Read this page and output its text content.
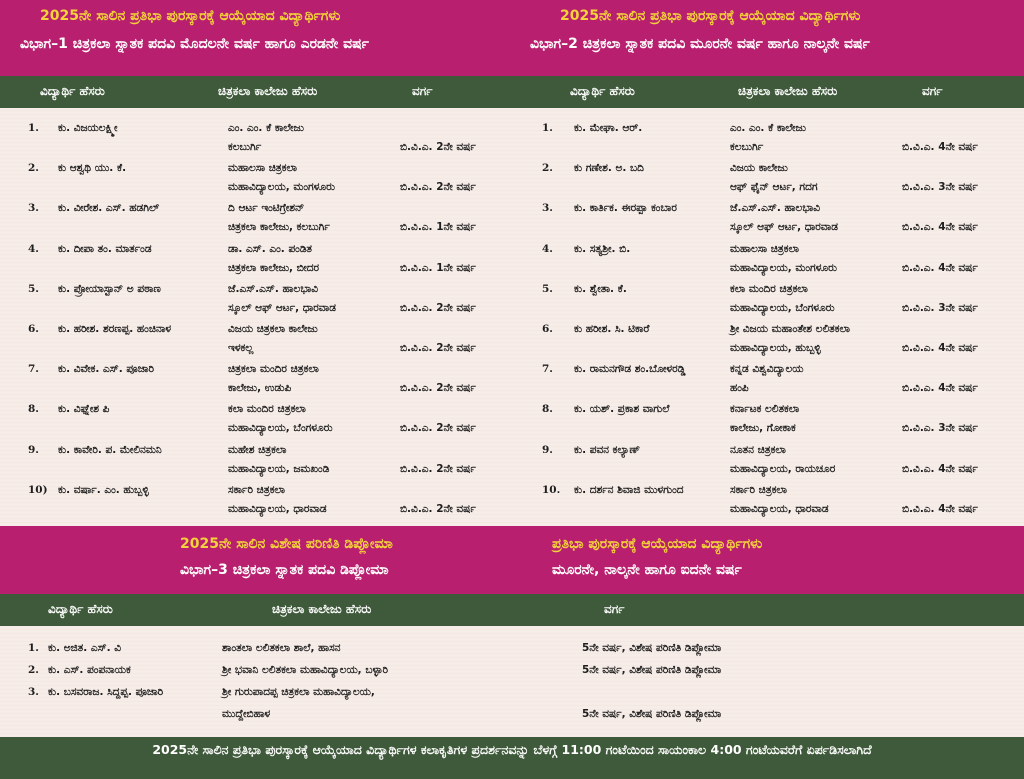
2025ನೇ ಸಾಲಿನ ಪ್ರತಿಭಾ ಪುರಸ್ಕಾರಕ್ಕೆ ಆಯ್ಕೆಯಾದ ವಿದ್ಯಾರ್ಥಿಗಳು
ವಿಭಾಗ–1 ಚಿತ್ರಕಲಾ ಸ್ನಾತಕ ಪದವಿ ಮೊದಲನೇ ವರ್ಷ ಹಾಗೂ ಎರಡನೇ ವರ್ಷ
2025ನೇ ಸಾಲಿನ ಪ್ರತಿಭಾ ಪುರಸ್ಕಾರಕ್ಕೆ ಆಯ್ಕೆಯಾದ ವಿದ್ಯಾರ್ಥಿಗಳು
ವಿಭಾಗ–2 ಚಿತ್ರಕಲಾ ಸ್ನಾತಕ ಪದವಿ ಮೂರನೇ ವರ್ಷ ಹಾಗೂ ನಾಲ್ಕನೇ ವರ್ಷ
ವಿದ್ಯಾರ್ಥಿ ಹೆಸರು	ಚಿತ್ರಕಲಾ ಕಾಲೇಜು ಹೆಸರು	ವರ್ಗ	ವಿದ್ಯಾರ್ಥಿ ಹೆಸರು	ಚಿತ್ರಕಲಾ ಕಾಲೇಜು ಹೆಸರು	ವರ್ಗ
1. ಕು. ವಿಜಯಲಕ್ಷ್ಮೀ	ಎಂ. ಎಂ. ಕೆ ಕಾಲೇಜು
ಕಲಬುರ್ಗಿ	ಬಿ.ವಿ.ಎ. 2ನೇ ವರ್ಷ
2. ಕು ಆಶ್ವಥಿ ಯು. ಕೆ.	ಮಹಾಲಸಾ ಚಿತ್ರಕಲಾ
ಮಹಾವಿದ್ಯಾಲಯ, ಮಂಗಳೂರು	ಬಿ.ವಿ.ಎ. 2ನೇ ವರ್ಷ
3. ಕು. ವೀರೇಶ. ಎಸ್. ಹಡಗಿಲ್	ದಿ ಆರ್ಟ ಇಂಟಿಗ್ರೇಶನ್
ಚಿತ್ರಕಲಾ ಕಾಲೇಜು, ಕಲಬುರ್ಗಿ	ಬಿ.ವಿ.ಎ. 1ನೇ ವರ್ಷ
4. ಕು. ದೀಪಾ ತಂ. ಮಾರ್ತಂಡ	ಡಾ. ಎಸ್. ಎಂ. ಪಂಡಿತ
ಚಿತ್ರಕಲಾ ಕಾಲೇಜು, ಬೀದರ	ಬಿ.ವಿ.ಎ. 1ನೇ ವರ್ಷ
5. ಕು. ಪ್ರೋಯಾಸ್ಟಾನ್ ಅ ಪಠಾಣ	ಜೆ.ಎಸ್.ಎಸ್. ಹಾಲಭಾವಿ
ಸ್ಕೂಲ್ ಆಫ್ ಆರ್ಟ, ಧಾರವಾಡ	ಬಿ.ವಿ.ಎ. 2ನೇ ವರ್ಷ
6. ಕು. ಹರೀಶ. ಶರಣಪ್ಪ. ಹಂಚಿನಾಳ	ವಿಜಯ ಚಿತ್ರಕಲಾ ಕಾಲೇಜು
ಇಳಕಲ್ಲ	ಬಿ.ವಿ.ಎ. 2ನೇ ವರ್ಷ
7. ಕು. ವಿವೇಕ. ಎಸ್. ಪೂಜಾರಿ	ಚಿತ್ರಕಲಾ ಮಂದಿರ ಚಿತ್ರಕಲಾ
ಕಾಲೇಜು, ಉಡುಪಿ	ಬಿ.ವಿ.ಎ. 2ನೇ ವರ್ಷ
8. ಕು. ವಿಘ್ನೇಶ ಪಿ	ಕಲಾ ಮಂದಿರ ಚಿತ್ರಕಲಾ
ಮಹಾವಿದ್ಯಾಲಯ, ಬೆಂಗಳೂರು	ಬಿ.ವಿ.ಎ. 2ನೇ ವರ್ಷ
9. ಕು. ಕಾವೇರಿ. ಪ. ಮೇಲಿನಮನಿ	ಮಹೇಶ ಚಿತ್ರಕಲಾ
ಮಹಾವಿದ್ಯಾಲಯ, ಜಮಖಂಡಿ	ಬಿ.ವಿ.ಎ. 2ನೇ ವರ್ಷ
10) ಕು. ವರ್ಷಾ. ಎಂ. ಹುಬ್ಬಳ್ಳಿ	ಸರ್ಕಾರಿ ಚಿತ್ರಕಲಾ
ಮಹಾವಿದ್ಯಾಲಯ, ಧಾರವಾಡ	ಬಿ.ವಿ.ಎ. 2ನೇ ವರ್ಷ
1. ಕು. ಮೇಘಾ. ಆರ್.	ಎಂ. ಎಂ. ಕೆ ಕಾಲೇಜು
ಕಲಬುರ್ಗಿ	ಬಿ.ವಿ.ಎ. 4ನೇ ವರ್ಷ
2. ಕು ಗಣೇಶ. ಅ. ಬದಿ	ವಿಜಯ ಕಾಲೇಜು
ಆಫ್ ಫೈನ್ ಆರ್ಟ, ಗದಗ	ಬಿ.ವಿ.ಎ. 3ನೇ ವರ್ಷ
3. ಕು. ಕಾರ್ತಿಕ. ಈರಪ್ಪಾ ಕಂಬಾರ	ಜೆ.ಎಸ್.ಎಸ್. ಹಾಲಭಾವಿ
ಸ್ಕೂಲ್ ಆಫ್ ಆರ್ಟ, ಧಾರವಾಡ	ಬಿ.ವಿ.ಎ. 4ನೇ ವರ್ಷ
4. ಕು. ಸತ್ಯಶ್ರೀ. ಬಿ.	ಮಹಾಲಸಾ ಚಿತ್ರಕಲಾ
ಮಹಾವಿದ್ಯಾಲಯ, ಮಂಗಳೂರು	ಬಿ.ವಿ.ಎ. 4ನೇ ವರ್ಷ
5. ಕು. ಶ್ವೇತಾ. ಕೆ.	ಕಲಾ ಮಂದಿರ ಚಿತ್ರಕಲಾ
ಮಹಾವಿದ್ಯಾಲಯ, ಬೆಂಗಳೂರು	ಬಿ.ವಿ.ಎ. 3ನೇ ವರ್ಷ
6. ಕು ಹರೀಶ. ಸಿ. ಟಿಕಾರೆ	ಶ್ರೀ ವಿಜಯ ಮಹಾಂತೇಶ ಲಲಿತಕಲಾ
ಮಹಾವಿದ್ಯಾಲಯ, ಹುಬ್ಬಳ್ಳಿ	ಬಿ.ವಿ.ಎ. 4ನೇ ವರ್ಷ
7. ಕು. ರಾಮನಗೌಡ ಶಂ.ಬೋಳರಡ್ಡಿ	ಕನ್ನಡ ವಿಶ್ವವಿದ್ಯಾಲಯ
ಹಂಪಿ	ಬಿ.ವಿ.ಎ. 4ನೇ ವರ್ಷ
8. ಕು. ಯಶ್. ಪ್ರಕಾಶ ವಾಗುಲೆ	ಕರ್ನಾಟಕ ಲಲಿತಕಲಾ
ಕಾಲೇಜು, ಗೋಕಾಕ	ಬಿ.ವಿ.ಎ. 3ನೇ ವರ್ಷ
9. ಕು. ಪವನ ಕಲ್ಯಾಣ್	ನೂತನ ಚಿತ್ರಕಲಾ
ಮಹಾವಿದ್ಯಾಲಯ, ರಾಯಚೂರ	ಬಿ.ವಿ.ಎ. 4ನೇ ವರ್ಷ
10. ಕು. ದರ್ಶನ ಶಿವಾಜಿ ಮುಳಗುಂದ	ಸರ್ಕಾರಿ ಚಿತ್ರಕಲಾ
ಮಹಾವಿದ್ಯಾಲಯ, ಧಾರವಾಡ	ಬಿ.ವಿ.ಎ. 4ನೇ ವರ್ಷ
2025ನೇ ಸಾಲಿನ ವಿಶೇಷ ಪರಿಣಿತಿ ಡಿಪ್ಲೋಮಾ	ಪ್ರತಿಭಾ ಪುರಸ್ಕಾರಕ್ಕೆ ಆಯ್ಕೆಯಾದ ವಿದ್ಯಾರ್ಥಿಗಳು
ವಿಭಾಗ–3 ಚಿತ್ರಕಲಾ ಸ್ನಾತಕ ಪದವಿ ಡಿಪ್ಲೋಮಾ	ಮೂರನೇ, ನಾಲ್ಕನೇ ಹಾಗೂ ಐದನೇ ವರ್ಷ
ವಿದ್ಯಾರ್ಥಿ ಹೆಸರು	ಚಿತ್ರಕಲಾ ಕಾಲೇಜು ಹೆಸರು	ವರ್ಗ
1. ಕು. ಅಜಿತ. ಎಸ್. ವಿ	ಶಾಂತಲಾ ಲಲಿತಕಲಾ ಶಾಲೆ, ಹಾಸನ	5ನೇ ವರ್ಷ, ವಿಶೇಷ ಪರಿಣಿತಿ ಡಿಪ್ಲೋಮಾ
2. ಕು. ಎಸ್. ಪಂಪನಾಯಕ	ಶ್ರೀ ಭವಾನಿ ಲಲಿತಕಲಾ ಮಹಾವಿದ್ಯಾಲಯ, ಬಳ್ಳಾರಿ	5ನೇ ವರ್ಷ, ವಿಶೇಷ ಪರಿಣಿತಿ ಡಿಪ್ಲೋಮಾ
3. ಕು. ಬಸವರಾಜ. ಸಿದ್ದಪ್ಪ. ಪೂಜಾರಿ	ಶ್ರೀ ಗುರುಪಾದಪ್ಪ ಚಿತ್ರಕಲಾ ಮಹಾವಿದ್ಯಾಲಯ,
ಮುದ್ದೇಬಿಹಾಳ	5ನೇ ವರ್ಷ, ವಿಶೇಷ ಪರಿಣಿತಿ ಡಿಪ್ಲೋಮಾ
2025ನೇ ಸಾಲಿನ ಪ್ರತಿಭಾ ಪುರಸ್ಕಾರಕ್ಕೆ ಆಯ್ಕೆಯಾದ ವಿದ್ಯಾರ್ಥಿಗಳ ಕಲಾಕೃತಿಗಳ ಪ್ರದರ್ಶನವನ್ನು ಬೆಳಗ್ಗೆ 11:00 ಗಂಟೆಯಿಂದ ಸಾಯಂಕಾಲ 4:00 ಗಂಟೆಯವರೆಗೆ ಏರ್ಪಡಿಸಲಾಗಿದೆ
